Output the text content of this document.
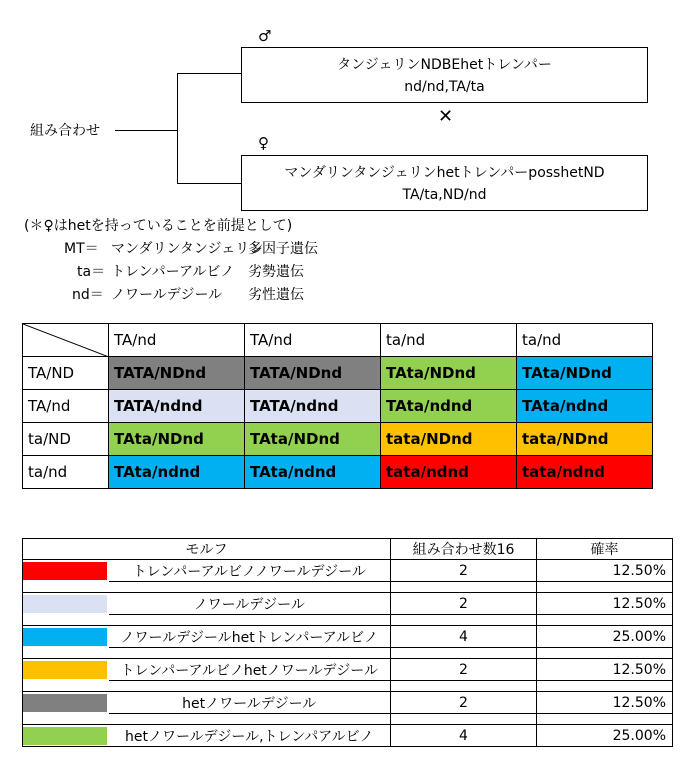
組み合わせ
♂
タンジェリンNDBEhetトレンパー
nd/nd,TA/ta
✕
♀
マンダリンタンジェリンhetトレンパーposshetND
TA/ta,ND/nd
(＊♀はhetを持っていることを前提として)
MT＝ マンダリンタンジェリン
多因子遺伝
ta＝ トレンパーアルビノ 劣勢遺伝
nd＝ ノワールデジール 劣性遺伝
	TA/nd	TA/nd	ta/nd	ta/nd
TA/ND	TATA/NDnd	TATA/NDnd	TAta/NDnd	TAta/NDnd
TA/nd	TATA/ndnd	TATA/ndnd	TAta/ndnd	TAta/ndnd
ta/ND	TAta/NDnd	TAta/NDnd	tata/NDnd	tata/NDnd
ta/nd	TAta/ndnd	TAta/ndnd	tata/ndnd	tata/ndnd
モルフ		組み合わせ数16	確率

	トレンパーアルビノノワールデジール	2	12.50%

	ノワールデジール	2	12.50%

	ノワールデジールhetトレンパーアルビノ	4	25.00%

	トレンパーアルビノhetノワールデジール	2	12.50%

	hetノワールデジール	2	12.50%

	hetノワールデジール,トレンパアルビノ	4	25.00%
